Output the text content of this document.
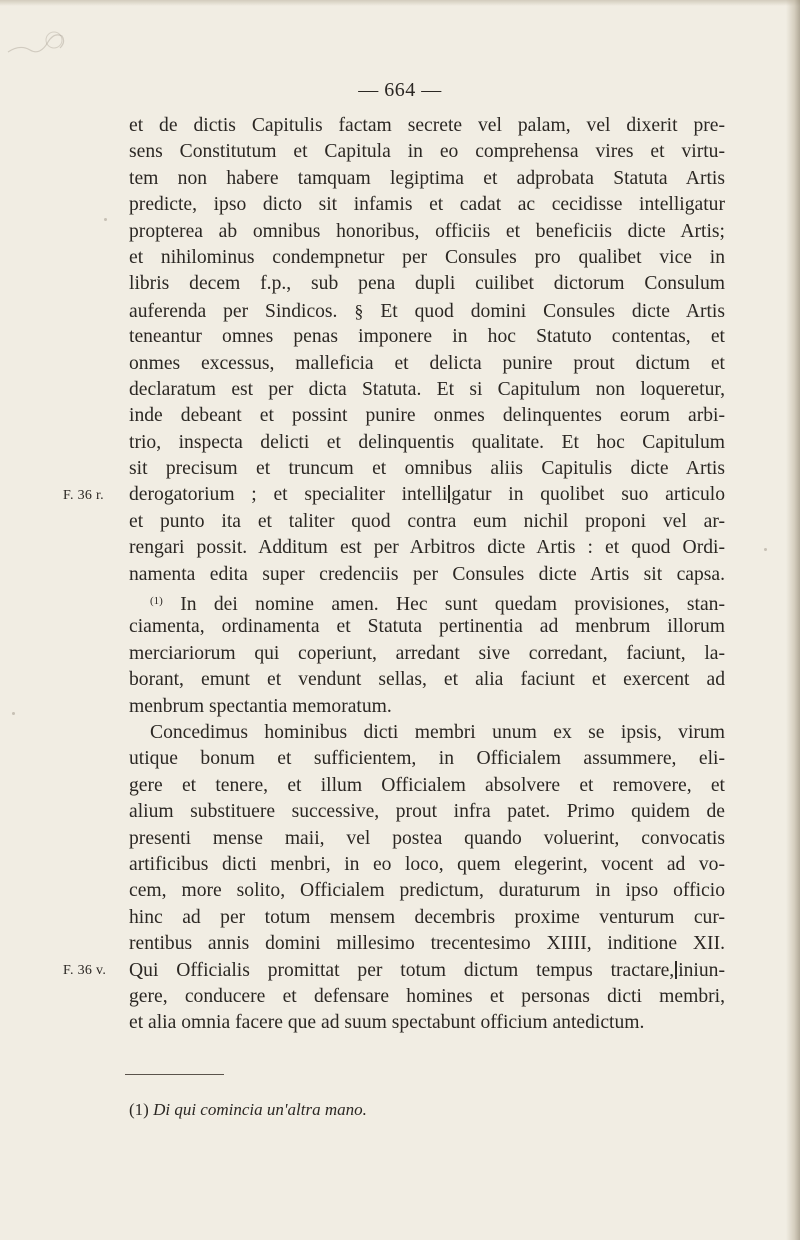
— 664 —
F. 36 r.
F. 36 v.
et de dictis Capitulis factam secrete vel palam, vel dixerit pre-
sens Constitutum et Capitula in eo comprehensa vires et virtu-
tem non habere tamquam legiptima et adprobata Statuta Artis
predicte, ipso dicto sit infamis et cadat ac cecidisse intelligatur
propterea ab omnibus honoribus, officiis et beneficiis dicte Artis;
et nihilominus condempnetur per Consules pro qualibet vice in
libris decem f.p., sub pena dupli cuilibet dictorum Consulum
auferenda per Sindicos. § Et quod domini Consules dicte Artis
teneantur omnes penas imponere in hoc Statuto contentas, et
onmes excessus, malleficia et delicta punire prout dictum et
declaratum est per dicta Statuta. Et si Capitulum non loqueretur,
inde debeant et possint punire onmes delinquentes eorum arbi-
trio, inspecta delicti et delinquentis qualitate. Et hoc Capitulum
sit precisum et truncum et omnibus aliis Capitulis dicte Artis
derogatorium ; et specialiter intelli gatur in quolibet suo articulo
et punto ita et taliter quod contra eum nichil proponi vel ar-
rengari possit. Additum est per Arbitros dicte Artis : et quod Ordi-
namenta edita super credenciis per Consules dicte Artis sit capsa.
$^{(1)}$ In dei nomine amen. Hec sunt quedam provisiones, stan-
ciamenta, ordinamenta et Statuta pertinentia ad menbrum illorum
merciariorum qui coperiunt, arredant sive corredant, faciunt, la-
borant, emunt et vendunt sellas, et alia faciunt et exercent ad
menbrum spectantia memoratum.
Concedimus hominibus dicti membri unum ex se ipsis, virum
utique bonum et sufficientem, in Officialem assummere, eli-
gere et tenere, et illum Officialem absolvere et removere, et
alium substituere successive, prout infra patet. Primo quidem de
presenti mense maii, vel postea quando voluerint, convocatis
artificibus dicti menbri, in eo loco, quem elegerint, vocent ad vo-
cem, more solito, Officialem predictum, duraturum in ipso officio
hinc ad per totum mensem decembris proxime venturum cur-
rentibus annis domini millesimo trecentesimo XIIII, inditione XII.
Qui Officialis promittat per totum dictum tempus tractare, iniun-
gere, conducere et defensare homines et personas dicti membri,
et alia omnia facere que ad suum spectabunt officium antedictum.
(1) Di qui comincia un'altra mano.
